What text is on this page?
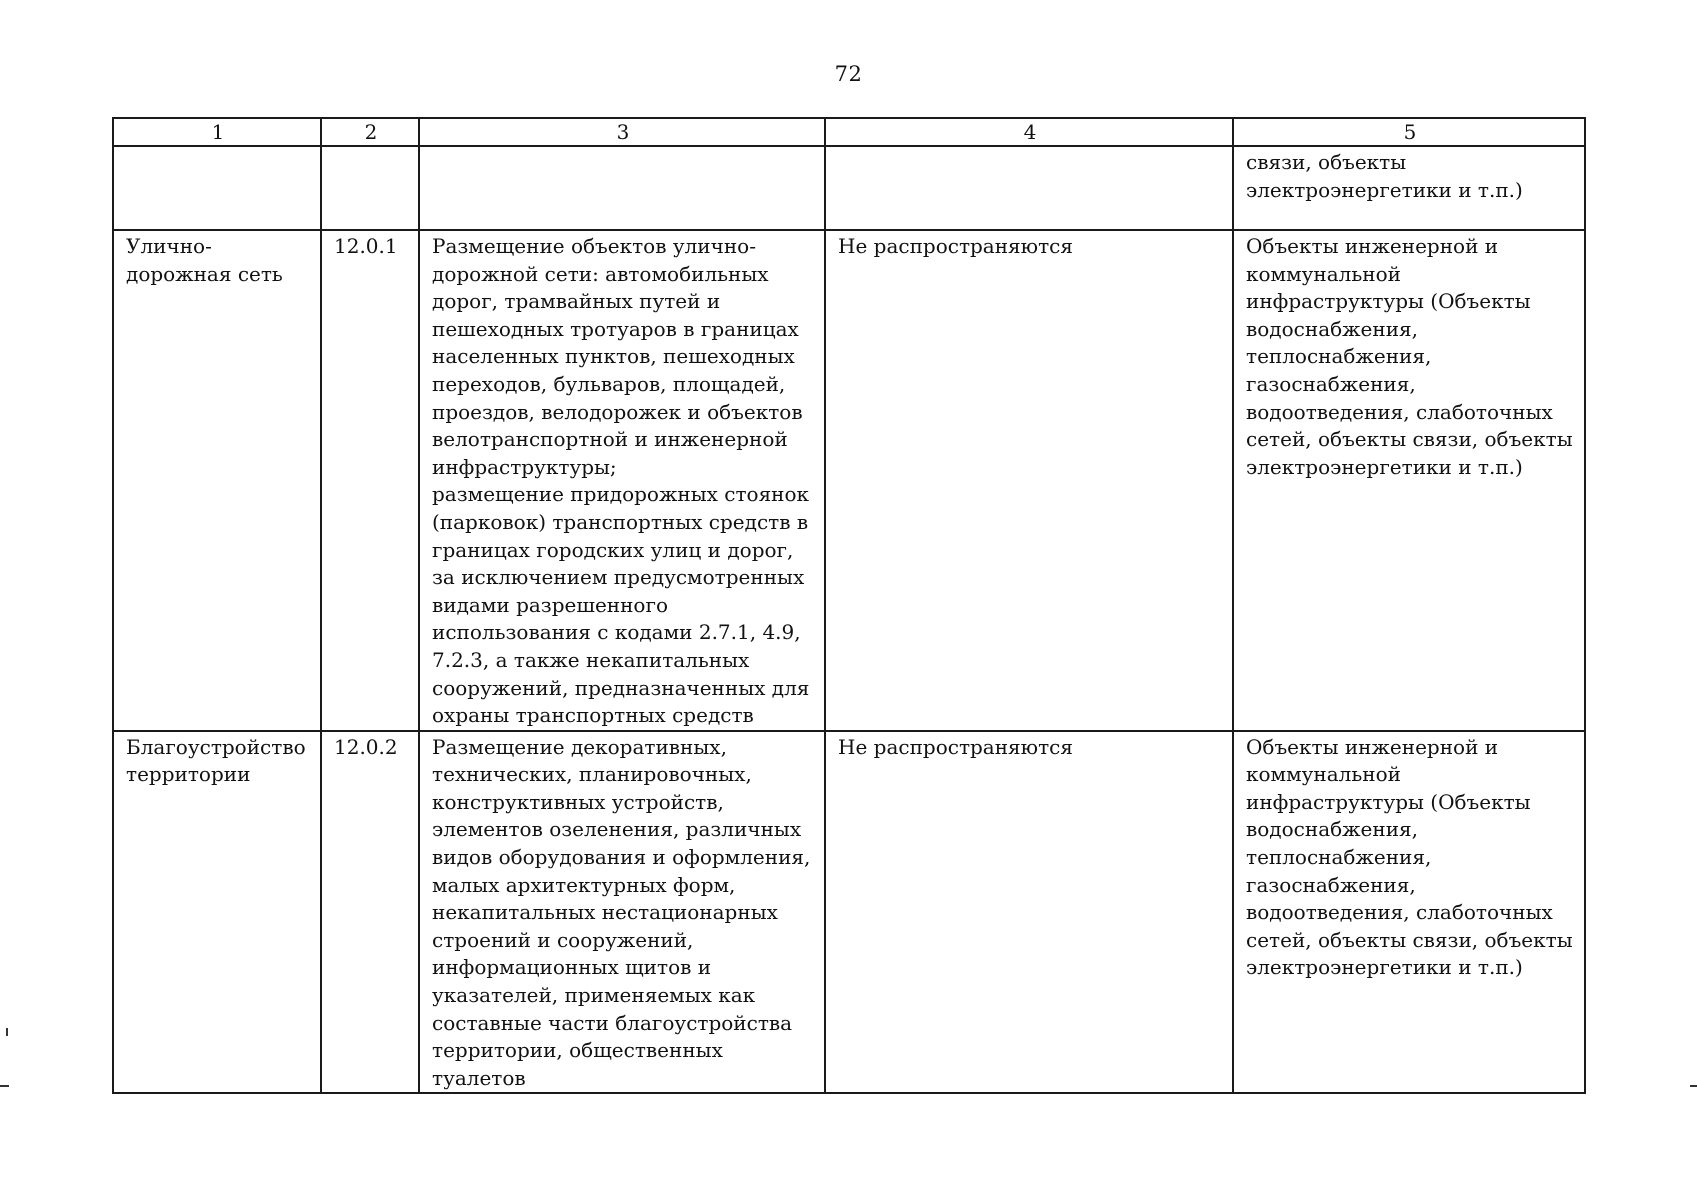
72
1	2	3	4	5
				связи, объекты электроэнергетики и т.п.)
Улично-дорожная сеть	12.0.1	Размещение объектов улично-дорожной сети: автомобильных дорог, трамвайных путей и пешеходных тротуаров в границах населенных пунктов, пешеходных переходов, бульваров, площадей, проездов, велодорожек и объектов велотранспортной и инженерной инфраструктуры;
размещение придорожных стоянок (парковок) транспортных средств в границах городских улиц и дорог, за исключением предусмотренных видами разрешенного использования с кодами 2.7.1, 4.9, 7.2.3, а также некапитальных сооружений, предназначенных для охраны транспортных средств	Не распространяются	Объекты инженерной и коммунальной инфраструктуры (Объекты водоснабжения, теплоснабжения, газоснабжения, водоотведения, слаботочных сетей, объекты связи, объекты электроэнергетики и т.п.)
Благоустройство территории	12.0.2	Размещение декоративных, технических, планировочных, конструктивных устройств, элементов озеленения, различных видов оборудования и оформления, малых архитектурных форм, некапитальных нестационарных строений и сооружений, информационных щитов и указателей, применяемых как составные части благоустройства территории, общественных туалетов	Не распространяются	Объекты инженерной и коммунальной инфраструктуры (Объекты водоснабжения, теплоснабжения, газоснабжения, водоотведения, слаботочных сетей, объекты связи, объекты электроэнергетики и т.п.)
